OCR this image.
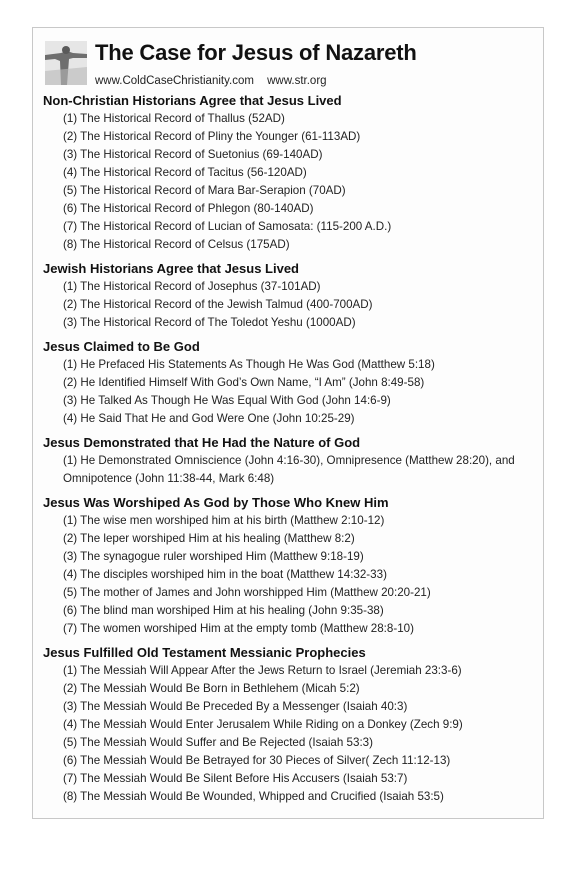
The Case for Jesus of Nazareth
www.ColdCaseChristianity.com www.str.org
Non-Christian Historians Agree that Jesus Lived
(1) The Historical Record of Thallus (52AD)
(2) The Historical Record of Pliny the Younger (61-113AD)
(3) The Historical Record of Suetonius (69-140AD)
(4) The Historical Record of Tacitus (56-120AD)
(5) The Historical Record of Mara Bar-Serapion (70AD)
(6) The Historical Record of Phlegon (80-140AD)
(7) The Historical Record of Lucian of Samosata: (115-200 A.D.)
(8) The Historical Record of Celsus (175AD)
Jewish Historians Agree that Jesus Lived
(1) The Historical Record of Josephus (37-101AD)
(2) The Historical Record of the Jewish Talmud (400-700AD)
(3) The Historical Record of The Toledot Yeshu (1000AD)
Jesus Claimed to Be God
(1) He Prefaced His Statements As Though He Was God (Matthew 5:18)
(2) He Identified Himself With God’s Own Name, “I Am” (John 8:49-58)
(3) He Talked As Though He Was Equal With God (John 14:6-9)
(4) He Said That He and God Were One (John 10:25-29)
Jesus Demonstrated that He Had the Nature of God
(1) He Demonstrated Omniscience (John 4:16-30), Omnipresence (Matthew 28:20), and Omnipotence (John 11:38-44, Mark 6:48)
Jesus Was Worshiped As God by Those Who Knew Him
(1) The wise men worshiped him at his birth (Matthew 2:10-12)
(2) The leper worshiped Him at his healing (Matthew 8:2)
(3) The synagogue ruler worshiped Him (Matthew 9:18-19)
(4) The disciples worshiped him in the boat (Matthew 14:32-33)
(5) The mother of James and John worshipped Him (Matthew 20:20-21)
(6) The blind man worshiped Him at his healing (John 9:35-38)
(7) The women worshiped Him at the empty tomb (Matthew 28:8-10)
Jesus Fulfilled Old Testament Messianic Prophecies
(1) The Messiah Will Appear After the Jews Return to Israel (Jeremiah 23:3-6)
(2) The Messiah Would Be Born in Bethlehem (Micah 5:2)
(3) The Messiah Would Be Preceded By a Messenger (Isaiah 40:3)
(4) The Messiah Would Enter Jerusalem While Riding on a Donkey (Zech 9:9)
(5) The Messiah Would Suffer and Be Rejected (Isaiah 53:3)
(6) The Messiah Would Be Betrayed for 30 Pieces of Silver( Zech 11:12-13)
(7) The Messiah Would Be Silent Before His Accusers (Isaiah 53:7)
(8) The Messiah Would Be Wounded, Whipped and Crucified (Isaiah 53:5)
